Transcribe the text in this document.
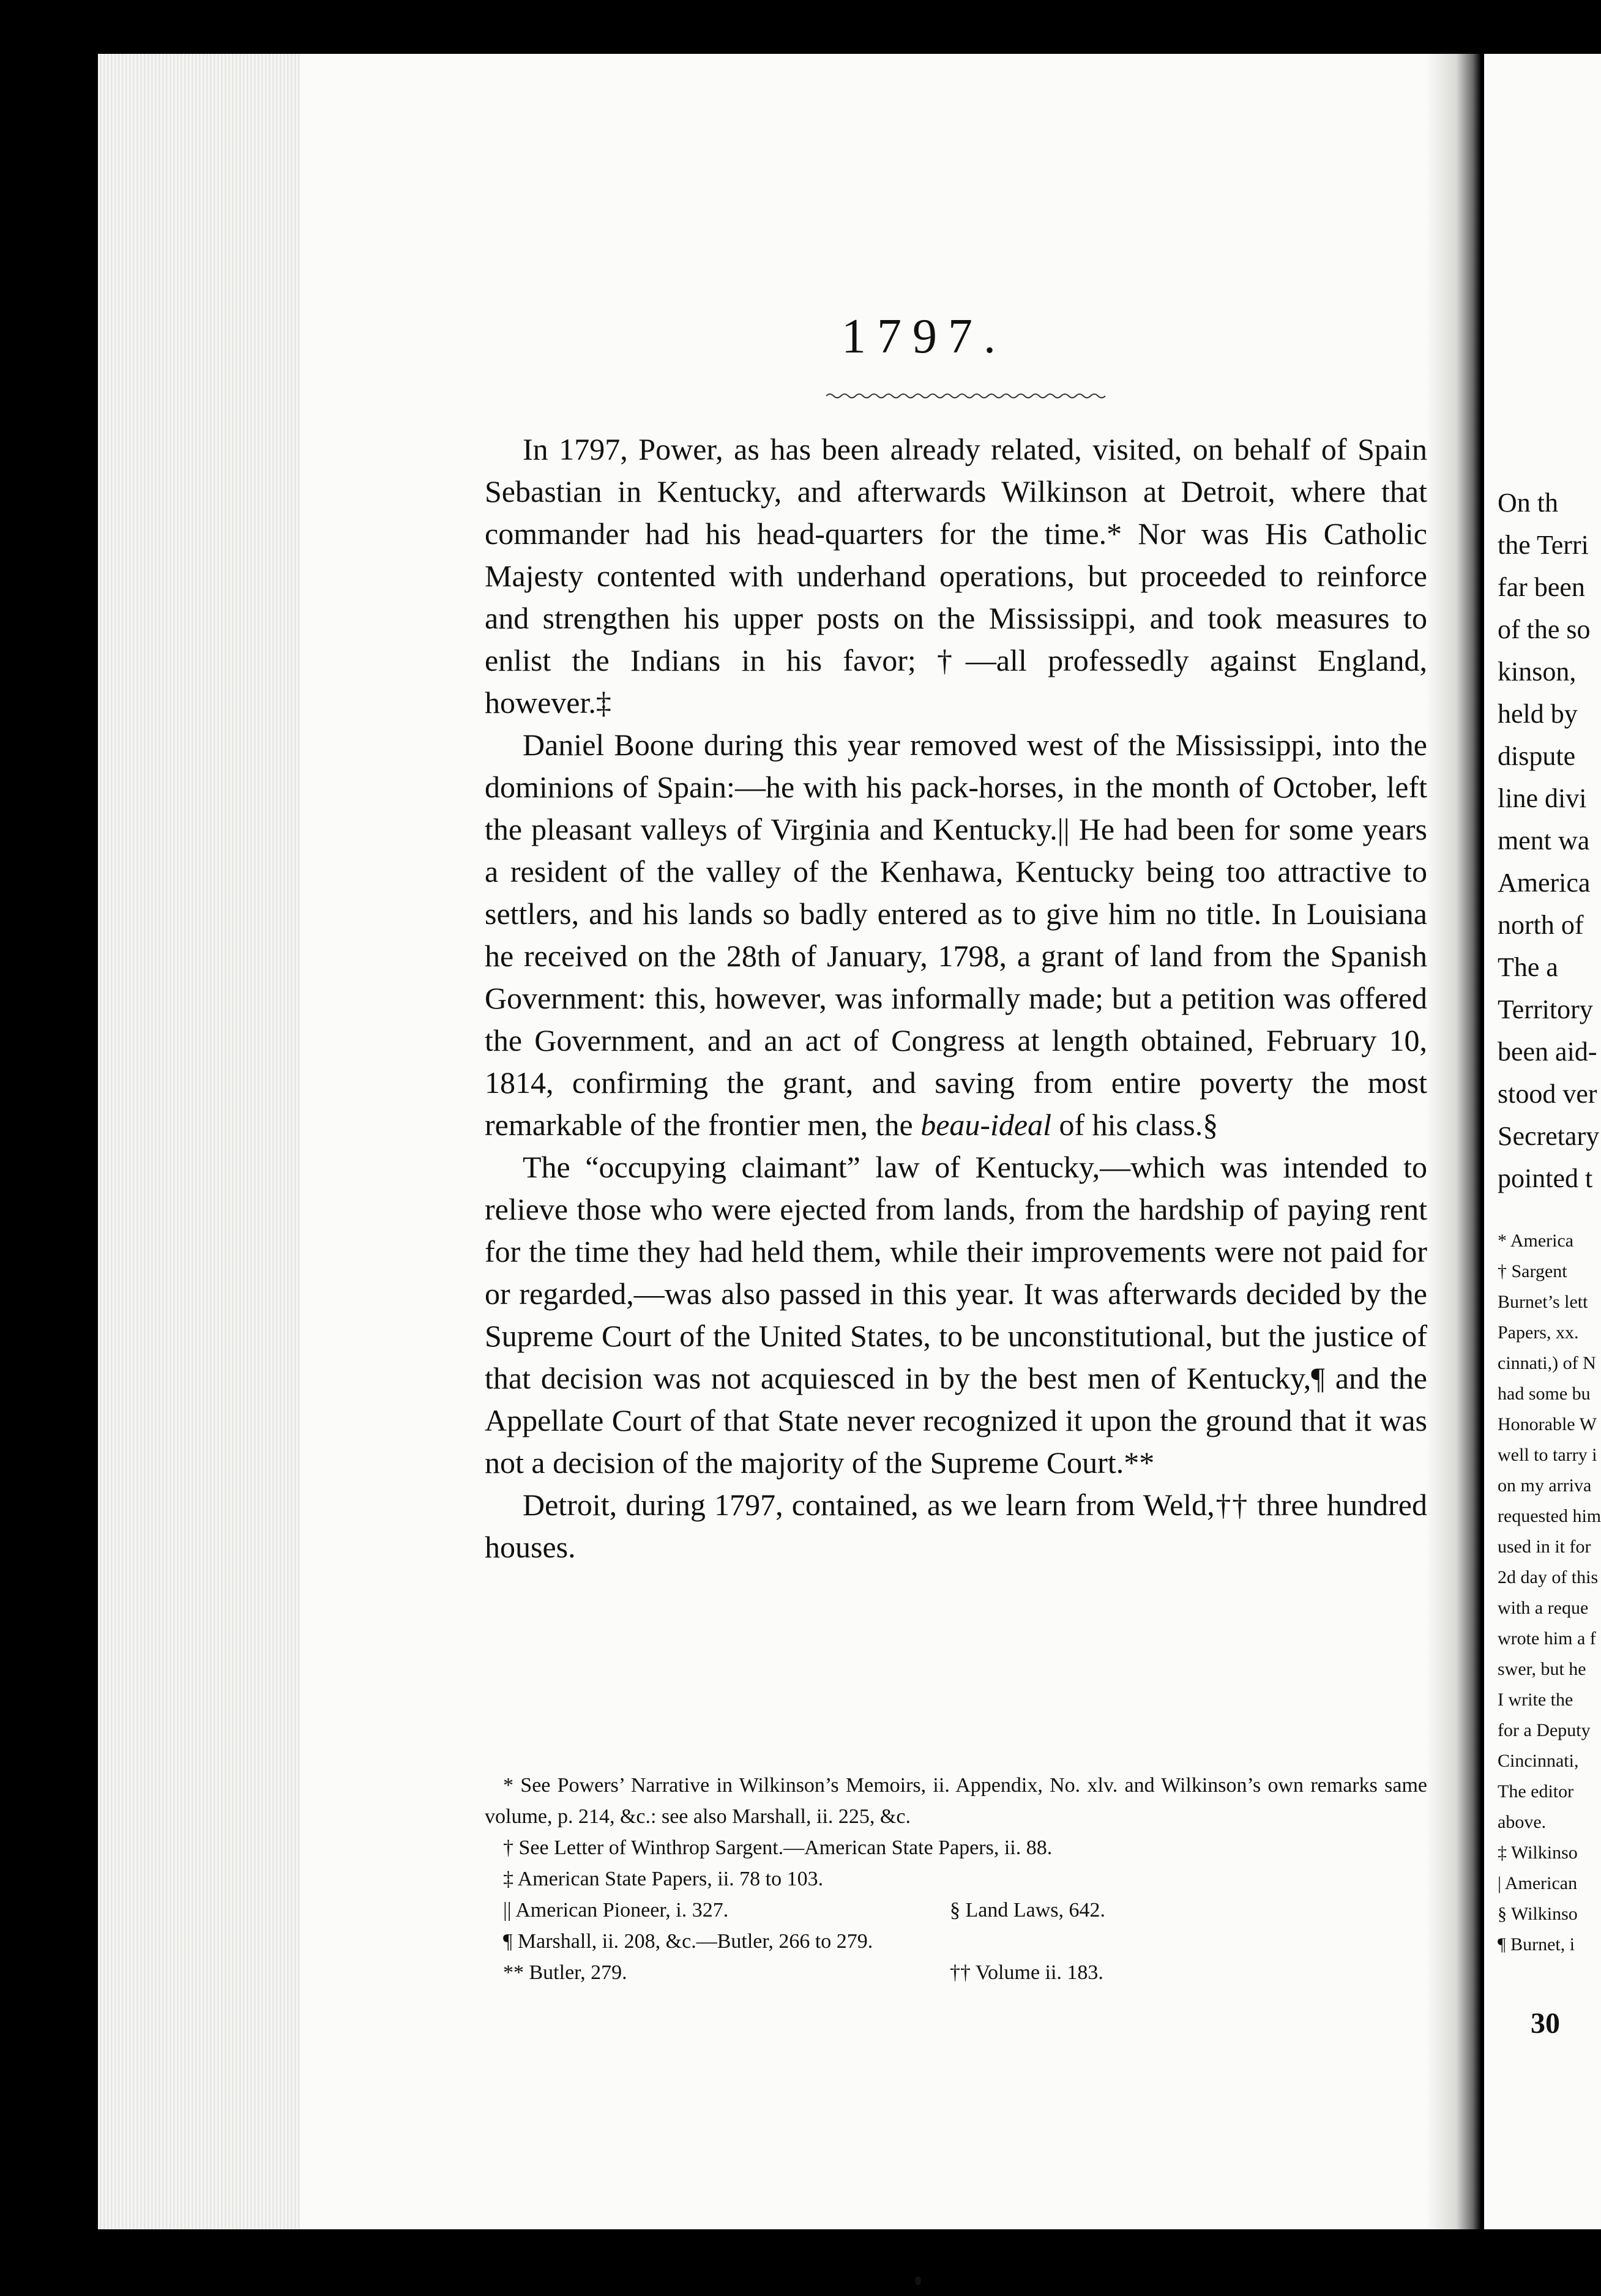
1797.

In 1797, Power, as has been already related, visited, on behalf of Spain Sebastian in Kentucky, and afterwards Wilkinson at Detroit, where that commander had his head-quarters for the time.* Nor was His Catholic Majesty contented with underhand operations, but proceeded to reinforce and strengthen his upper posts on the Mississippi, and took measures to enlist the Indians in his favor; †—all professedly against England, however.‡

Daniel Boone during this year removed west of the Mississippi, into the dominions of Spain:—he with his pack-horses, in the month of October, left the pleasant valleys of Virginia and Kentucky.|| He had been for some years a resident of the valley of the Kenhawa, Kentucky being too attractive to settlers, and his lands so badly entered as to give him no title. In Louisiana he received on the 28th of January, 1798, a grant of land from the Spanish Government: this, however, was informally made; but a petition was offered the Government, and an act of Congress at length obtained, February 10, 1814, confirming the grant, and saving from entire poverty the most remarkable of the frontier men, the beau-ideal of his class.§

The “occupying claimant” law of Kentucky,—which was intended to relieve those who were ejected from lands, from the hardship of paying rent for the time they had held them, while their improvements were not paid for or regarded,—was also passed in this year. It was afterwards decided by the Supreme Court of the United States, to be unconstitutional, but the justice of that decision was not acquiesced in by the best men of Kentucky,¶ and the Appellate Court of that State never recognized it upon the ground that it was not a decision of the majority of the Supreme Court.**

Detroit, during 1797, contained, as we learn from Weld,†† three hundred houses.

* See Powers’ Narrative in Wilkinson’s Memoirs, ii. Appendix, No. xlv. and Wilkinson’s own remarks same volume, p. 214, &c.: see also Marshall, ii. 225, &c.
† See Letter of Winthrop Sargent.—American State Papers, ii. 88.
‡ American State Papers, ii. 78 to 103.
|| American Pioneer, i. 327.	§ Land Laws, 642.
¶ Marshall, ii. 208, &c.—Butler, 266 to 279.
** Butler, 279.	†† Volume ii. 183.
On th
the Terri
far been
of the so
kinson,
held by
dispute
line divi
ment wa
America
north of
The a
Territory
been aid-
stood ver
Secretary
pointed t
* America
† Sargent
Burnet’s lett
Papers, xx.
cinnati,) of N
had some bu
Honorable W
well to tarry i
on my arriva
requested him
used in it for
2d day of this
with a reque
wrote him a f
swer, but he
I write the
for a Deputy
Cincinnati,
The editor
above.
‡ Wilkinso
| American
§ Wilkinso
¶ Burnet, i
30
